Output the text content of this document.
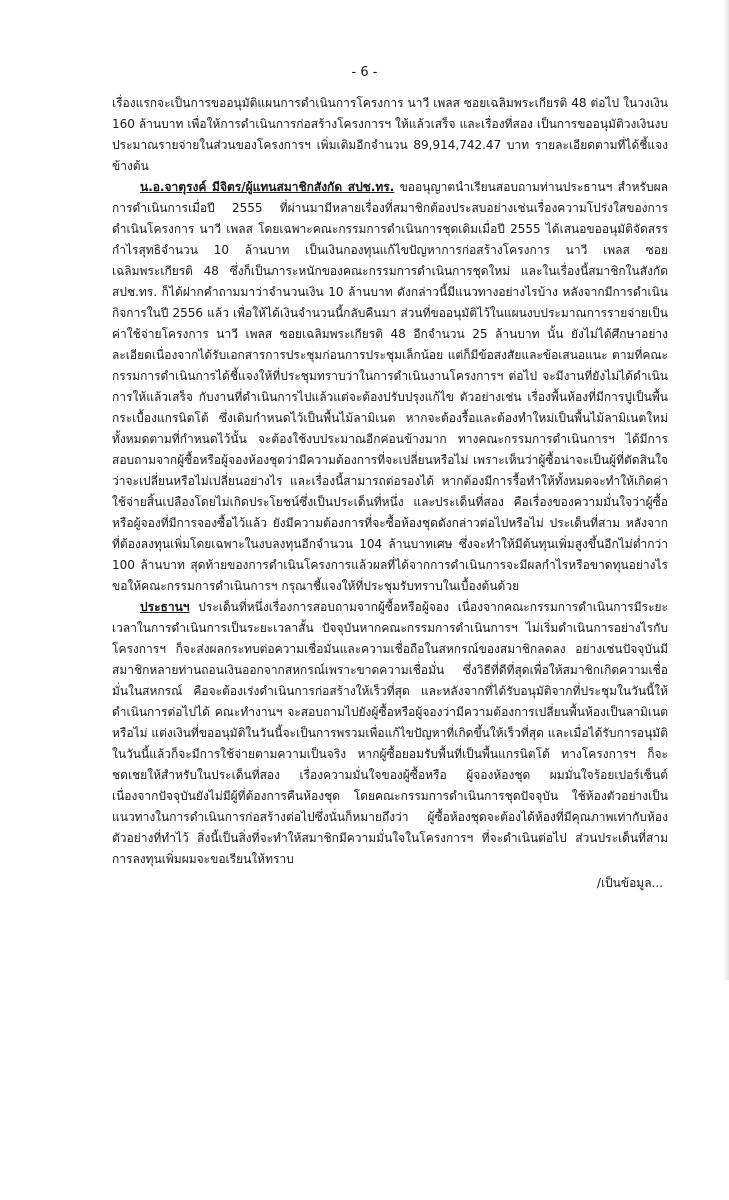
- 6 -

เรื่องแรกจะเป็นการขออนุมัติแผนการดำเนินการโครงการ นาวี เพลส ซอยเฉลิมพระเกียรติ 48 ต่อไป ในวงเงิน 160 ล้านบาท เพื่อให้การดำเนินการก่อสร้างโครงการฯ ให้แล้วเสร็จ และเรื่องที่สอง เป็นการขออนุมัติวงเงินงบประมาณรายจ่ายในส่วนของโครงการฯ เพิ่มเติมอีกจำนวน 89,914,742.47 บาท รายละเอียดตามที่ได้ชี้แจงข้างต้น

น.อ.จาตุรงค์ มีจิตร/ผู้แทนสมาชิกสังกัด สปช.ทร. ขออนุญาตนำเรียนสอบถามท่านประธานฯ สำหรับผลการดำเนินการเมื่อปี 2555 ที่ผ่านมามีหลายเรื่องที่สมาชิกต้องประสบอย่างเช่นเรื่องความโปร่งใสของการดำเนินโครงการ นาวี เพลส โดยเฉพาะคณะกรรมการดำเนินการชุดเดิมเมื่อปี 2555 ได้เสนอขออนุมัติจัดสรรกำไรสุทธิจำนวน 10 ล้านบาท เป็นเงินกองทุนแก้ไขปัญหาการก่อสร้างโครงการ นาวี เพลส ซอยเฉลิมพระเกียรติ 48 ซึ่งก็เป็นภาระหนักของคณะกรรมการดำเนินการชุดใหม่ และในเรื่องนี้สมาชิกในสังกัด สปช.ทร. ก็ได้ฝากคำถามมาว่าจำนวนเงิน 10 ล้านบาท ดังกล่าวนี้มีแนวทางอย่างไรบ้าง หลังจากมีการดำเนินกิจการในปี 2556 แล้ว เพื่อให้ได้เงินจำนวนนี้กลับคืนมา ส่วนที่ขออนุมัติไว้ในแผนงบประมาณการรายจ่ายเป็นค่าใช้จ่ายโครงการ นาวี เพลส ซอยเฉลิมพระเกียรติ 48 อีกจำนวน 25 ล้านบาท นั้น ยังไม่ได้ศึกษาอย่างละเอียดเนื่องจากได้รับเอกสารการประชุมก่อนการประชุมเล็กน้อย แต่ก็มีข้อสงสัยและข้อเสนอแนะ ตามที่คณะกรรมการดำเนินการได้ชี้แจงให้ที่ประชุมทราบว่าในการดำเนินงานโครงการฯ ต่อไป จะมีงานที่ยังไม่ได้ดำเนินการให้แล้วเสร็จ กับงานที่ดำเนินการไปแล้วแต่จะต้องปรับปรุงแก้ไข ตัวอย่างเช่น เรื่องพื้นห้องที่มีการปูเป็นพื้นกระเบื้องแกรนิตโต้ ซึ่งเดิมกำหนดไว้เป็นพื้นไม้ลามิเนต หากจะต้องรื้อและต้องทำใหม่เป็นพื้นไม้ลามิเนตใหม่ทั้งหมดตามที่กำหนดไว้นั้น จะต้องใช้งบประมาณอีกค่อนข้างมาก ทางคณะกรรมการดำเนินการฯ ได้มีการสอบถามจากผู้ซื้อหรือผู้จองห้องชุดว่ามีความต้องการที่จะเปลี่ยนหรือไม่ เพราะเห็นว่าผู้ซื้อน่าจะเป็นผู้ที่ตัดสินใจว่าจะเปลี่ยนหรือไม่เปลี่ยนอย่างไร และเรื่องนี้สามารถต่อรองได้ หากต้องมีการรื้อทำให้ทั้งหมดจะทำให้เกิดค่าใช้จ่ายสิ้นเปลืองโดยไม่เกิดประโยชน์ซึ่งเป็นประเด็นที่หนึ่ง และประเด็นที่สอง คือเรื่องของความมั่นใจว่าผู้ซื้อหรือผู้จองที่มีการจองซื้อไว้แล้ว ยังมีความต้องการที่จะซื้อห้องชุดดังกล่าวต่อไปหรือไม่ ประเด็นที่สาม หลังจากที่ต้องลงทุนเพิ่มโดยเฉพาะในงบลงทุนอีกจำนวน 104 ล้านบาทเศษ ซึ่งจะทำให้มีต้นทุนเพิ่มสูงขึ้นอีกไม่ต่ำกว่า 100 ล้านบาท สุดท้ายของการดำเนินโครงการแล้วผลที่ได้จากการดำเนินการจะมีผลกำไรหรือขาดทุนอย่างไร ขอให้คณะกรรมการดำเนินการฯ กรุณาชี้แจงให้ที่ประชุมรับทราบในเบื้องต้นด้วย

ประธานฯ ประเด็นที่หนึ่งเรื่องการสอบถามจากผู้ซื้อหรือผู้จอง เนื่องจากคณะกรรมการดำเนินการมีระยะเวลาในการดำเนินการเป็นระยะเวลาสั้น ปัจจุบันหากคณะกรรมการดำเนินการฯ ไม่เริ่มดำเนินการอย่างไรกับโครงการฯ ก็จะส่งผลกระทบต่อความเชื่อมั่นและความเชื่อถือในสหกรณ์ของสมาชิกลดลง อย่างเช่นปัจจุบันมีสมาชิกหลายท่านถอนเงินออกจากสหกรณ์เพราะขาดความเชื่อมั่น ซึ่งวิธีที่ดีที่สุดเพื่อให้สมาชิกเกิดความเชื่อมั่นในสหกรณ์ คือจะต้องเร่งดำเนินการก่อสร้างให้เร็วที่สุด และหลังจากที่ได้รับอนุมัติจากที่ประชุมในวันนี้ให้ดำเนินการต่อไปได้ คณะทำงานฯ จะสอบถามไปยังผู้ซื้อหรือผู้จองว่ามีความต้องการเปลี่ยนพื้นห้องเป็นลามิเนตหรือไม่ แต่งเงินที่ขออนุมัติในวันนี้จะเป็นการพรวมเพื่อแก้ไขปัญหาที่เกิดขึ้นให้เร็วที่สุด และเมื่อได้รับการอนุมัติในวันนี้แล้วก็จะมีการใช้จ่ายตามความเป็นจริง หากผู้ซื้อยอมรับพื้นที่เป็นพื้นแกรนิตโต้ ทางโครงการฯ ก็จะชดเชยให้สำหรับในประเด็นที่สอง เรื่องความมั่นใจของผู้ซื้อหรือ ผู้จองห้องชุด ผมมั่นใจร้อยเปอร์เซ็นต์ เนื่องจากปัจจุบันยังไม่มีผู้ที่ต้องการคืนห้องชุด โดยคณะกรรมการดำเนินการชุดปัจจุบัน ใช้ห้องตัวอย่างเป็นแนวทางในการดำเนินการก่อสร้างต่อไปซึ่งนั่นก็หมายถึงว่า ผู้ซื้อห้องชุดจะต้องได้ห้องที่มีคุณภาพเท่ากับห้องตัวอย่างที่ทำไว้ สิ่งนี้เป็นสิ่งที่จะทำให้สมาชิกมีความมั่นใจในโครงการฯ ที่จะดำเนินต่อไป ส่วนประเด็นที่สาม การลงทุนเพิ่มผมจะขอเรียนให้ทราบ

/เป็นข้อมูล...
